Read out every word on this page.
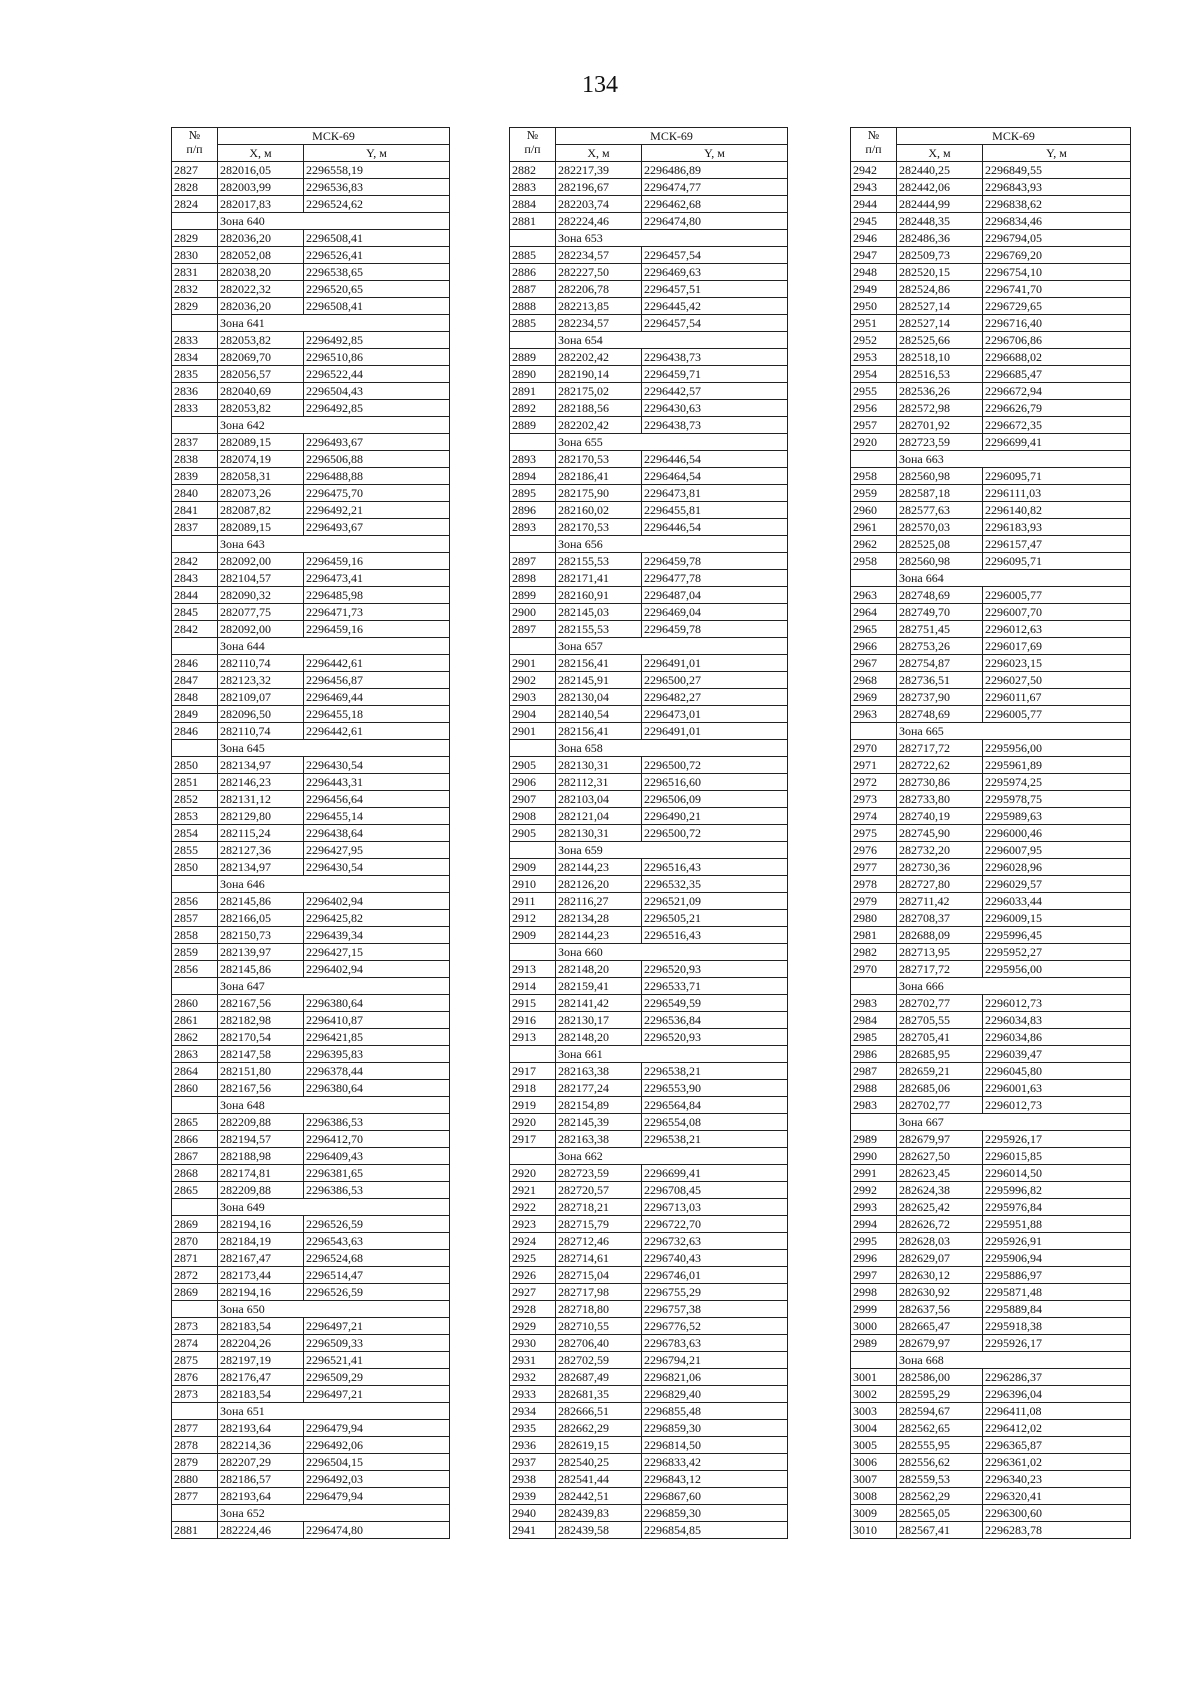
134
№
п/п	МСК-69	
	Х, м	Y, м
2827	282016,05	2296558,19
2828	282003,99	2296536,83
2824	282017,83	2296524,62
	Зона 640	
2829	282036,20	2296508,41
2830	282052,08	2296526,41
2831	282038,20	2296538,65
2832	282022,32	2296520,65
2829	282036,20	2296508,41
	Зона 641	
2833	282053,82	2296492,85
2834	282069,70	2296510,86
2835	282056,57	2296522,44
2836	282040,69	2296504,43
2833	282053,82	2296492,85
	Зона 642	
2837	282089,15	2296493,67
2838	282074,19	2296506,88
2839	282058,31	2296488,88
2840	282073,26	2296475,70
2841	282087,82	2296492,21
2837	282089,15	2296493,67
	Зона 643	
2842	282092,00	2296459,16
2843	282104,57	2296473,41
2844	282090,32	2296485,98
2845	282077,75	2296471,73
2842	282092,00	2296459,16
	Зона 644	
2846	282110,74	2296442,61
2847	282123,32	2296456,87
2848	282109,07	2296469,44
2849	282096,50	2296455,18
2846	282110,74	2296442,61
	Зона 645	
2850	282134,97	2296430,54
2851	282146,23	2296443,31
2852	282131,12	2296456,64
2853	282129,80	2296455,14
2854	282115,24	2296438,64
2855	282127,36	2296427,95
2850	282134,97	2296430,54
	Зона 646	
2856	282145,86	2296402,94
2857	282166,05	2296425,82
2858	282150,73	2296439,34
2859	282139,97	2296427,15
2856	282145,86	2296402,94
	Зона 647	
2860	282167,56	2296380,64
2861	282182,98	2296410,87
2862	282170,54	2296421,85
2863	282147,58	2296395,83
2864	282151,80	2296378,44
2860	282167,56	2296380,64
	Зона 648	
2865	282209,88	2296386,53
2866	282194,57	2296412,70
2867	282188,98	2296409,43
2868	282174,81	2296381,65
2865	282209,88	2296386,53
	Зона 649	
2869	282194,16	2296526,59
2870	282184,19	2296543,63
2871	282167,47	2296524,68
2872	282173,44	2296514,47
2869	282194,16	2296526,59
	Зона 650	
2873	282183,54	2296497,21
2874	282204,26	2296509,33
2875	282197,19	2296521,41
2876	282176,47	2296509,29
2873	282183,54	2296497,21
	Зона 651	
2877	282193,64	2296479,94
2878	282214,36	2296492,06
2879	282207,29	2296504,15
2880	282186,57	2296492,03
2877	282193,64	2296479,94
	Зона 652	
2881	282224,46	2296474,80
№
п/п	МСК-69	
	Х, м	Y, м
2882	282217,39	2296486,89
2883	282196,67	2296474,77
2884	282203,74	2296462,68
2881	282224,46	2296474,80
	Зона 653	
2885	282234,57	2296457,54
2886	282227,50	2296469,63
2887	282206,78	2296457,51
2888	282213,85	2296445,42
2885	282234,57	2296457,54
	Зона 654	
2889	282202,42	2296438,73
2890	282190,14	2296459,71
2891	282175,02	2296442,57
2892	282188,56	2296430,63
2889	282202,42	2296438,73
	Зона 655	
2893	282170,53	2296446,54
2894	282186,41	2296464,54
2895	282175,90	2296473,81
2896	282160,02	2296455,81
2893	282170,53	2296446,54
	Зона 656	
2897	282155,53	2296459,78
2898	282171,41	2296477,78
2899	282160,91	2296487,04
2900	282145,03	2296469,04
2897	282155,53	2296459,78
	Зона 657	
2901	282156,41	2296491,01
2902	282145,91	2296500,27
2903	282130,04	2296482,27
2904	282140,54	2296473,01
2901	282156,41	2296491,01
	Зона 658	
2905	282130,31	2296500,72
2906	282112,31	2296516,60
2907	282103,04	2296506,09
2908	282121,04	2296490,21
2905	282130,31	2296500,72
	Зона 659	
2909	282144,23	2296516,43
2910	282126,20	2296532,35
2911	282116,27	2296521,09
2912	282134,28	2296505,21
2909	282144,23	2296516,43
	Зона 660	
2913	282148,20	2296520,93
2914	282159,41	2296533,71
2915	282141,42	2296549,59
2916	282130,17	2296536,84
2913	282148,20	2296520,93
	Зона 661	
2917	282163,38	2296538,21
2918	282177,24	2296553,90
2919	282154,89	2296564,84
2920	282145,39	2296554,08
2917	282163,38	2296538,21
	Зона 662	
2920	282723,59	2296699,41
2921	282720,57	2296708,45
2922	282718,21	2296713,03
2923	282715,79	2296722,70
2924	282712,46	2296732,63
2925	282714,61	2296740,43
2926	282715,04	2296746,01
2927	282717,98	2296755,29
2928	282718,80	2296757,38
2929	282710,55	2296776,52
2930	282706,40	2296783,63
2931	282702,59	2296794,21
2932	282687,49	2296821,06
2933	282681,35	2296829,40
2934	282666,51	2296855,48
2935	282662,29	2296859,30
2936	282619,15	2296814,50
2937	282540,25	2296833,42
2938	282541,44	2296843,12
2939	282442,51	2296867,60
2940	282439,83	2296859,30
2941	282439,58	2296854,85
№
п/п	МСК-69	
	Х, м	Y, м
2942	282440,25	2296849,55
2943	282442,06	2296843,93
2944	282444,99	2296838,62
2945	282448,35	2296834,46
2946	282486,36	2296794,05
2947	282509,73	2296769,20
2948	282520,15	2296754,10
2949	282524,86	2296741,70
2950	282527,14	2296729,65
2951	282527,14	2296716,40
2952	282525,66	2296706,86
2953	282518,10	2296688,02
2954	282516,53	2296685,47
2955	282536,26	2296672,94
2956	282572,98	2296626,79
2957	282701,92	2296672,35
2920	282723,59	2296699,41
	Зона 663	
2958	282560,98	2296095,71
2959	282587,18	2296111,03
2960	282577,63	2296140,82
2961	282570,03	2296183,93
2962	282525,08	2296157,47
2958	282560,98	2296095,71
	Зона 664	
2963	282748,69	2296005,77
2964	282749,70	2296007,70
2965	282751,45	2296012,63
2966	282753,26	2296017,69
2967	282754,87	2296023,15
2968	282736,51	2296027,50
2969	282737,90	2296011,67
2963	282748,69	2296005,77
	Зона 665	
2970	282717,72	2295956,00
2971	282722,62	2295961,89
2972	282730,86	2295974,25
2973	282733,80	2295978,75
2974	282740,19	2295989,63
2975	282745,90	2296000,46
2976	282732,20	2296007,95
2977	282730,36	2296028,96
2978	282727,80	2296029,57
2979	282711,42	2296033,44
2980	282708,37	2296009,15
2981	282688,09	2295996,45
2982	282713,95	2295952,27
2970	282717,72	2295956,00
	Зона 666	
2983	282702,77	2296012,73
2984	282705,55	2296034,83
2985	282705,41	2296034,86
2986	282685,95	2296039,47
2987	282659,21	2296045,80
2988	282685,06	2296001,63
2983	282702,77	2296012,73
	Зона 667	
2989	282679,97	2295926,17
2990	282627,50	2296015,85
2991	282623,45	2296014,50
2992	282624,38	2295996,82
2993	282625,42	2295976,84
2994	282626,72	2295951,88
2995	282628,03	2295926,91
2996	282629,07	2295906,94
2997	282630,12	2295886,97
2998	282630,92	2295871,48
2999	282637,56	2295889,84
3000	282665,47	2295918,38
2989	282679,97	2295926,17
	Зона 668	
3001	282586,00	2296286,37
3002	282595,29	2296396,04
3003	282594,67	2296411,08
3004	282562,65	2296412,02
3005	282555,95	2296365,87
3006	282556,62	2296361,02
3007	282559,53	2296340,23
3008	282562,29	2296320,41
3009	282565,05	2296300,60
3010	282567,41	2296283,78
